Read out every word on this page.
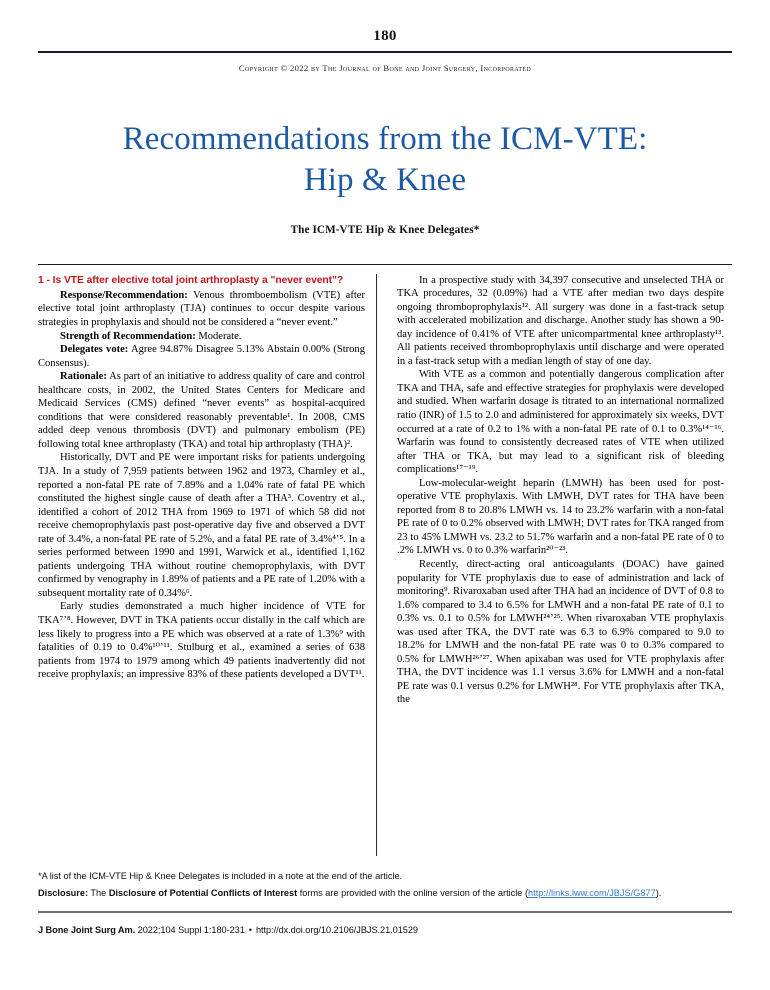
180
Copyright © 2022 by The Journal of Bone and Joint Surgery, Incorporated
Recommendations from the ICM-VTE:
Hip & Knee
The ICM-VTE Hip & Knee Delegates*
1 - Is VTE after elective total joint arthroplasty a "never event"?

Response/Recommendation: Venous thromboembolism (VTE) after elective total joint arthroplasty (TJA) continues to occur despite various strategies in prophylaxis and should not be considered a “never event.”

Strength of Recommendation: Moderate.

Delegates vote: Agree 94.87% Disagree 5.13% Abstain 0.00% (Strong Consensus).

Rationale: As part of an initiative to address quality of care and control healthcare costs, in 2002, the United States Centers for Medicare and Medicaid Services (CMS) defined “never events” as hospital-acquired conditions that were considered reasonably preventable¹. In 2008, CMS added deep venous thrombosis (DVT) and pulmonary embolism (PE) following total knee arthroplasty (TKA) and total hip arthroplasty (THA)².

Historically, DVT and PE were important risks for patients undergoing TJA. In a study of 7,959 patients between 1962 and 1973, Charnley et al., reported a non-fatal PE rate of 7.89% and a 1.04% rate of fatal PE which constituted the highest single cause of death after a THA³. Coventry et al., identified a cohort of 2012 THA from 1969 to 1971 of which 58 did not receive chemoprophylaxis past post-operative day five and observed a DVT rate of 3.4%, a non-fatal PE rate of 5.2%, and a fatal PE rate of 3.4%⁴’⁵. In a series performed between 1990 and 1991, Warwick et al., identified 1,162 patients undergoing THA without routine chemoprophylaxis, with DVT confirmed by venography in 1.89% of patients and a PE rate of 1.20% with a subsequent mortality rate of 0.34%⁶.

Early studies demonstrated a much higher incidence of VTE for TKA⁷’⁸. However, DVT in TKA patients occur distally in the calf which are less likely to progress into a PE which was observed at a rate of 1.3%⁹ with fatalities of 0.19 to 0.4%¹⁰’¹¹. Stulburg et al., examined a series of 638 patients from 1974 to 1979 among which 49 patients inadvertently did not receive prophylaxis; an impressive 83% of these patients developed a DVT¹¹.

In a prospective study with 34,397 consecutive and unselected THA or TKA procedures, 32 (0.09%) had a VTE after median two days despite ongoing thromboprophylaxis¹². All surgery was done in a fast-track setup with accelerated mobilization and discharge. Another study has shown a 90-day incidence of 0.41% of VTE after unicompartmental knee arthroplasty¹³. All patients received thromboprophylaxis until discharge and were operated in a fast-track setup with a median length of stay of one day.

With VTE as a common and potentially dangerous complication after TKA and THA, safe and effective strategies for prophylaxis were developed and studied. When warfarin dosage is titrated to an international normalized ratio (INR) of 1.5 to 2.0 and administered for approximately six weeks, DVT occurred at a rate of 0.2 to 1% with a non-fatal PE rate of 0.1 to 0.3%¹⁴⁻¹⁶. Warfarin was found to consistently decreased rates of VTE when utilized after THA or TKA, but may lead to a significant risk of bleeding complications¹⁷⁻¹⁹.

Low-molecular-weight heparin (LMWH) has been used for post-operative VTE prophylaxis. With LMWH, DVT rates for THA have been reported from 8 to 20.8% LMWH vs. 14 to 23.2% warfarin with a non-fatal PE rate of 0 to 0.2% observed with LMWH; DVT rates for TKA ranged from 23 to 45% LMWH vs. 23.2 to 51.7% warfarin and a non-fatal PE rate of 0 to .2% LMWH vs. 0 to 0.3% warfarin²⁰⁻²³.

Recently, direct-acting oral anticoagulants (DOAC) have gained popularity for VTE prophylaxis due to ease of administration and lack of monitoring⁹. Rivaroxaban used after THA had an incidence of DVT of 0.8 to 1.6% compared to 3.4 to 6.5% for LMWH and a non-fatal PE rate of 0.1 to 0.3% vs. 0.1 to 0.5% for LMWH²⁴’²⁵. When rivaroxaban VTE prophylaxis was used after TKA, the DVT rate was 6.3 to 6.9% compared to 9.0 to 18.2% for LMWH and the non-fatal PE rate was 0 to 0.3% compared to 0.5% for LMWH²⁶’²⁷. When apixaban was used for VTE prophylaxis after THA, the DVT incidence was 1.1 versus 3.6% for LMWH and a non-fatal PE rate was 0.1 versus 0.2% for LMWH²⁸. For VTE prophylaxis after TKA, the

*A list of the ICM-VTE Hip & Knee Delegates is included in a note at the end of the article.
Disclosure: The Disclosure of Potential Conflicts of Interest forms are provided with the online version of the article (http://links.lww.com/JBJS/G877).
J Bone Joint Surg Am. 2022;104 Suppl 1:180-231 • http://dx.doi.org/10.2106/JBJS.21.01529
